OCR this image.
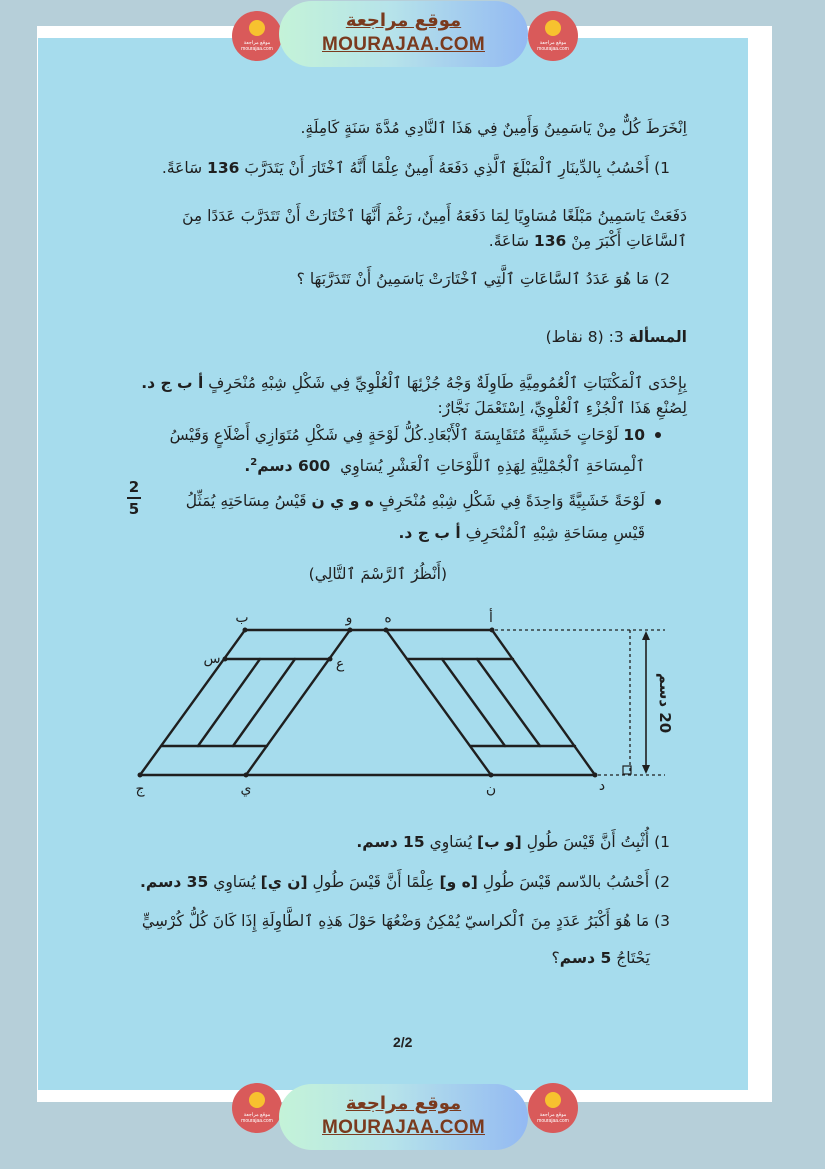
موقع مراجعة
mourajaa.com
موقع مراجعة
MOURAJAA.COM	موقع مراجعة
mourajaa.com
اِنْخَرَطَ كُلٌّ مِنْ يَاسَمِينُ وَأَمِينٌ فِي هَذَا ٱلنَّادِي مُدَّةَ سَنَةٍ كَامِلَةٍ.
1) أَحْسُبُ بِالدِّينَارِ ٱلْمَبْلَغَ ٱلَّذِي دَفَعَهُ أَمِينٌ عِلْمًا أَنَّهُ ٱخْتَارَ أَنْ يَتَدَرَّبَ 136 سَاعَةً.
دَفَعَتْ يَاسَمِينُ مَبْلَغًا مُسَاوِيًا لِمَا دَفَعَهُ أَمِينٌ، رَغْمَ أَنَّهَا ٱخْتَارَتْ أَنْ تَتَدَرَّبَ عَدَدًا مِنَ
ٱلسَّاعَاتِ أَكْبَرَ مِنْ 136 سَاعَةً.
2) مَا هُوَ عَدَدُ ٱلسَّاعَاتِ ٱلَّتِي ٱخْتَارَتْ يَاسَمِينُ أَنْ تَتَدَرَّبَهَا ؟
المسألة 3: (8 نقاط)
بِإِحْدَى ٱلْمَكْتَبَاتِ ٱلْعُمُومِيَّةِ طَاوِلَةٌ وَجْهُ جُزْئِهَا ٱلْعُلْوِيِّ فِي شَكْلِ شِبْهِ مُنْحَرِفٍ أ ب ج د.
لِصُنْعِ هَذَا ٱلْجُزْءِ ٱلْعُلْوِيِّ، اِسْتَعْمَلَ نَجَّارٌ:
10 لَوْحَاتٍ خَشَبِيَّةً مُتَقَايِسَةَ ٱلْأَبْعَادِ.كُلُّ لَوْحَةٍ فِي شَكْلِ مُتَوَازِي أَضْلَاعٍ وَقَيْسُ
ٱلْمِسَاحَةِ ٱلْجُمْلِيَّةِ لِهَذِهِ ٱللَّوْحَاتِ ٱلْعَشْرِ يُسَاوِي  600 دسم$^2$.
لَوْحَةً خَشَبِيَّةً وَاحِدَةً فِي شَكْلِ شِبْهِ مُنْحَرِفٍ ه و ي ن قَيْسُ مِسَاحَتِهِ يُمَثِّلُ
2
5
قَيْسِ مِسَاحَةِ شِبْهِ ٱلْمُنْحَرِفِ أ ب ج د.
(أَنْظُرُ ٱلرَّسْمَ ٱلتَّالِي)
20 دسم
ب	و ه	أ
س	ع
ج	ي	ن	د
1) أُثْبِتُ أَنَّ قَيْسَ طُولِ [و ب] يُسَاوِي 15 دسم.
2) أَحْسُبُ بالدّسم قَيْسَ طُولِ [ه و] عِلْمًا أَنَّ قَيْسَ طُولِ [ن ي] يُسَاوِي 35 دسم.
3) مَا هُوَ أَكْبَرُ عَدَدٍ مِنَ ٱلْكراسيّ يُمْكِنُ وَضْعُهَا حَوْلَ هَذِهِ ٱلطَّاوِلَةِ إِذَا كَانَ كُلُّ كُرْسِيٍّ
يَحْتَاجُ 5 دسم؟
2/2
موقع مراجعة
mourajaa.com
موقع مراجعة
MOURAJAA.COM
موقع مراجعة
mourajaa.com
